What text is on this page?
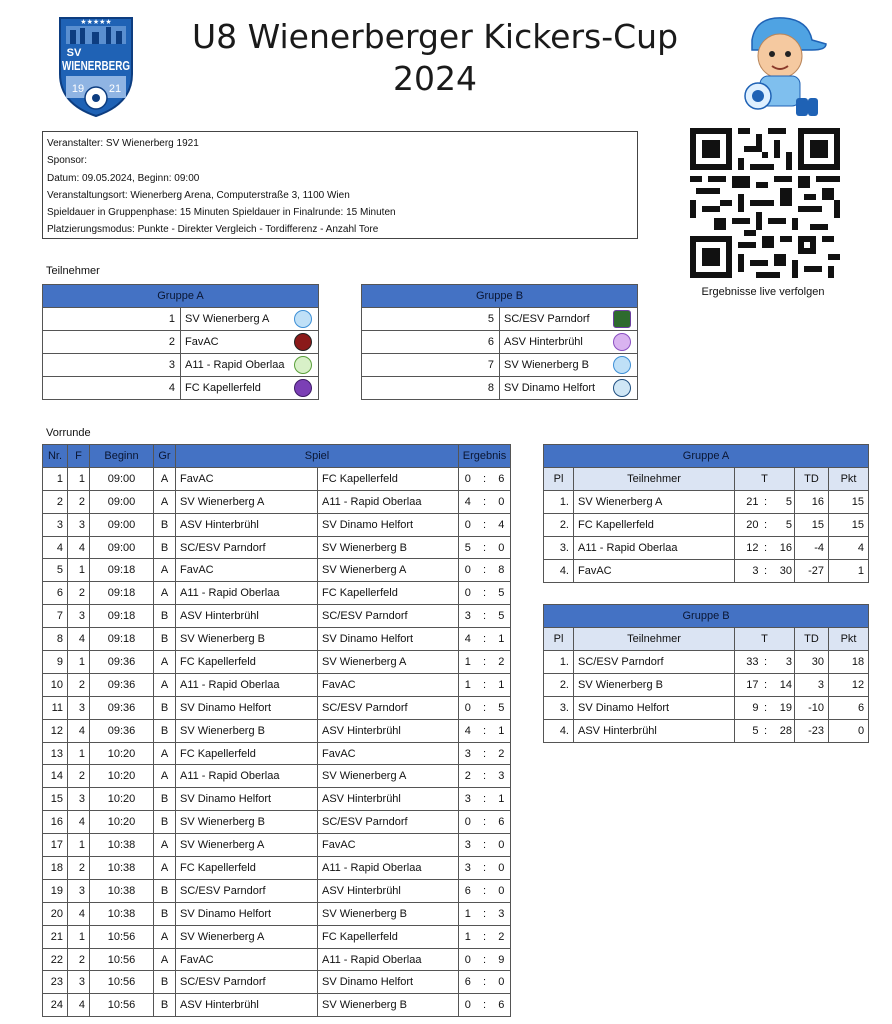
★★★★★
SV
WIENERBERG
19 21
U8 Wienerberger Kickers-Cup
2024
Veranstalter: SV Wienerberg 1921
Sponsor:
Datum: 09.05.2024, Beginn: 09:00
Veranstaltungsort: Wienerberg Arena, Computerstraße 3, 1100 Wien
Spieldauer in Gruppenphase: 15 Minuten Spieldauer in Finalrunde: 15 Minuten
Platzierungsmodus: Punkte - Direkter Vergleich - Tordifferenz - Anzahl Tore
Ergebnisse live verfolgen
Teilnehmer
Gruppe A	
1	SV Wienerberg A

2	FavAC

3	A11 - Rapid Oberlaa

4	FC Kapellerfeld
Gruppe B	
5	SC/ESV Parndorf

6	ASV Hinterbrühl

7	SV Wienerberg B

8	SV Dinamo Helfort
Vorrunde
Nr.	F	Beginn	Gr	Spiel		Ergebnis		
1	1	09:00	A	FavAC	FC Kapellerfeld	0	:	6
2	2	09:00	A	SV Wienerberg A	A11 - Rapid Oberlaa	4	:	0
3	3	09:00	B	ASV Hinterbrühl	SV Dinamo Helfort	0	:	4
4	4	09:00	B	SC/ESV Parndorf	SV Wienerberg B	5	:	0
5	1	09:18	A	FavAC	SV Wienerberg A	0	:	8
6	2	09:18	A	A11 - Rapid Oberlaa	FC Kapellerfeld	0	:	5
7	3	09:18	B	ASV Hinterbrühl	SC/ESV Parndorf	3	:	5
8	4	09:18	B	SV Wienerberg B	SV Dinamo Helfort	4	:	1
9	1	09:36	A	FC Kapellerfeld	SV Wienerberg A	1	:	2
10	2	09:36	A	A11 - Rapid Oberlaa	FavAC	1	:	1
11	3	09:36	B	SV Dinamo Helfort	SC/ESV Parndorf	0	:	5
12	4	09:36	B	SV Wienerberg B	ASV Hinterbrühl	4	:	1
13	1	10:20	A	FC Kapellerfeld	FavAC	3	:	2
14	2	10:20	A	A11 - Rapid Oberlaa	SV Wienerberg A	2	:	3
15	3	10:20	B	SV Dinamo Helfort	ASV Hinterbrühl	3	:	1
16	4	10:20	B	SV Wienerberg B	SC/ESV Parndorf	0	:	6
17	1	10:38	A	SV Wienerberg A	FavAC	3	:	0
18	2	10:38	A	FC Kapellerfeld	A11 - Rapid Oberlaa	3	:	0
19	3	10:38	B	SC/ESV Parndorf	ASV Hinterbrühl	6	:	0
20	4	10:38	B	SV Dinamo Helfort	SV Wienerberg B	1	:	3
21	1	10:56	A	SV Wienerberg A	FC Kapellerfeld	1	:	2
22	2	10:56	A	FavAC	A11 - Rapid Oberlaa	0	:	9
23	3	10:56	B	SC/ESV Parndorf	SV Dinamo Helfort	6	:	0
24	4	10:56	B	ASV Hinterbrühl	SV Wienerberg B	0	:	6
Gruppe A						
Pl	Teilnehmer	T			TD	Pkt
1.	SV Wienerberg A	21	:	5	16	15
2.	FC Kapellerfeld	20	:	5	15	15
3.	A11 - Rapid Oberlaa	12	:	16	-4	4
4.	FavAC	3	:	30	-27	1
Gruppe B						
Pl	Teilnehmer	T			TD	Pkt
1.	SC/ESV Parndorf	33	:	3	30	18
2.	SV Wienerberg B	17	:	14	3	12
3.	SV Dinamo Helfort	9	:	19	-10	6
4.	ASV Hinterbrühl	5	:	28	-23	0
